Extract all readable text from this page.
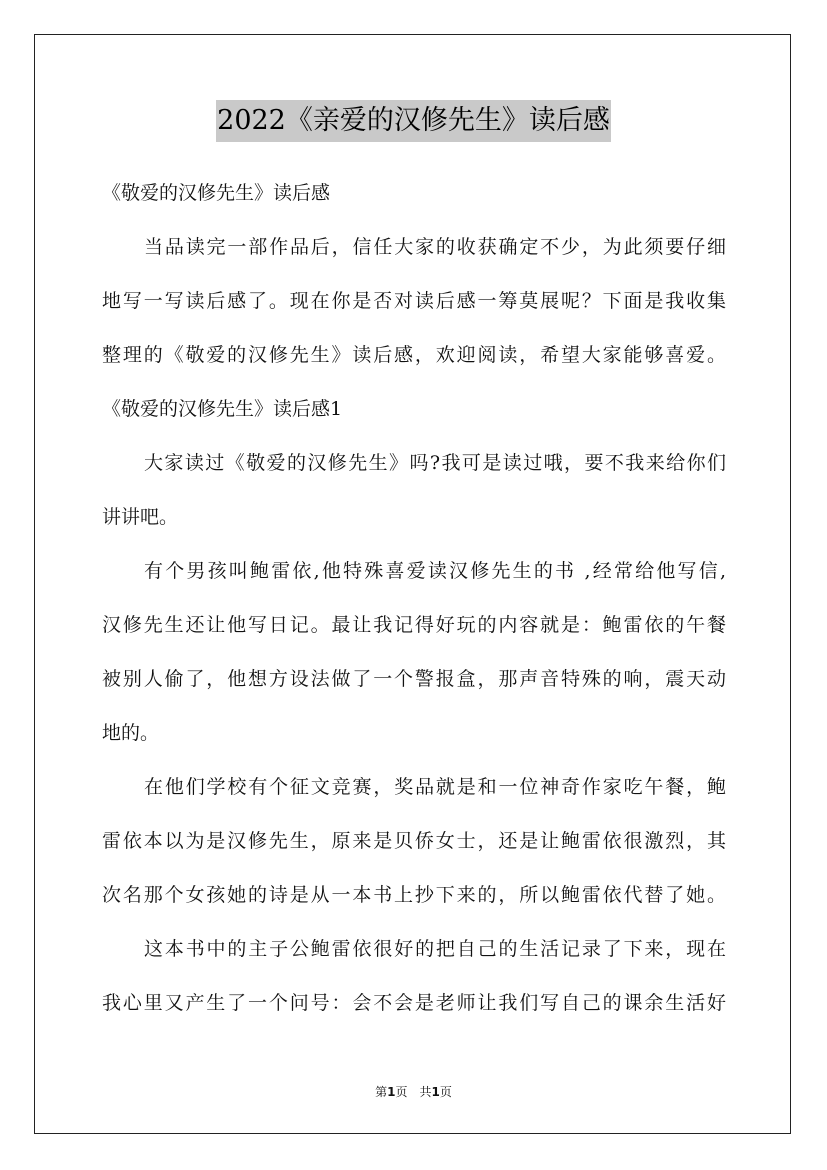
2022《亲爱的汉修先生》读后感
《敬爱的汉修先生》读后感
当品读完一部作品后，信任大家的收获确定不少，为此须要仔细
地写一写读后感了。现在你是否对读后感一筹莫展呢？下面是我收集
整理的《敬爱的汉修先生》读后感，欢迎阅读，希望大家能够喜爱。
《敬爱的汉修先生》读后感1
大家读过《敬爱的汉修先生》吗?我可是读过哦，要不我来给你们
讲讲吧。
有个男孩叫鲍雷依,他特殊喜爱读汉修先生的书 ,经常给他写信,
汉修先生还让他写日记。最让我记得好玩的内容就是：鲍雷依的午餐
被别人偷了，他想方设法做了一个警报盒，那声音特殊的响，震天动
地的。
在他们学校有个征文竞赛，奖品就是和一位神奇作家吃午餐，鲍
雷依本以为是汉修先生，原来是贝侨女士，还是让鲍雷依很激烈，其
次名那个女孩她的诗是从一本书上抄下来的，所以鲍雷依代替了她。
这本书中的主子公鲍雷依很好的把自己的生活记录了下来，现在
我心里又产生了一个问号：会不会是老师让我们写自己的课余生活好
第1页　共1页
